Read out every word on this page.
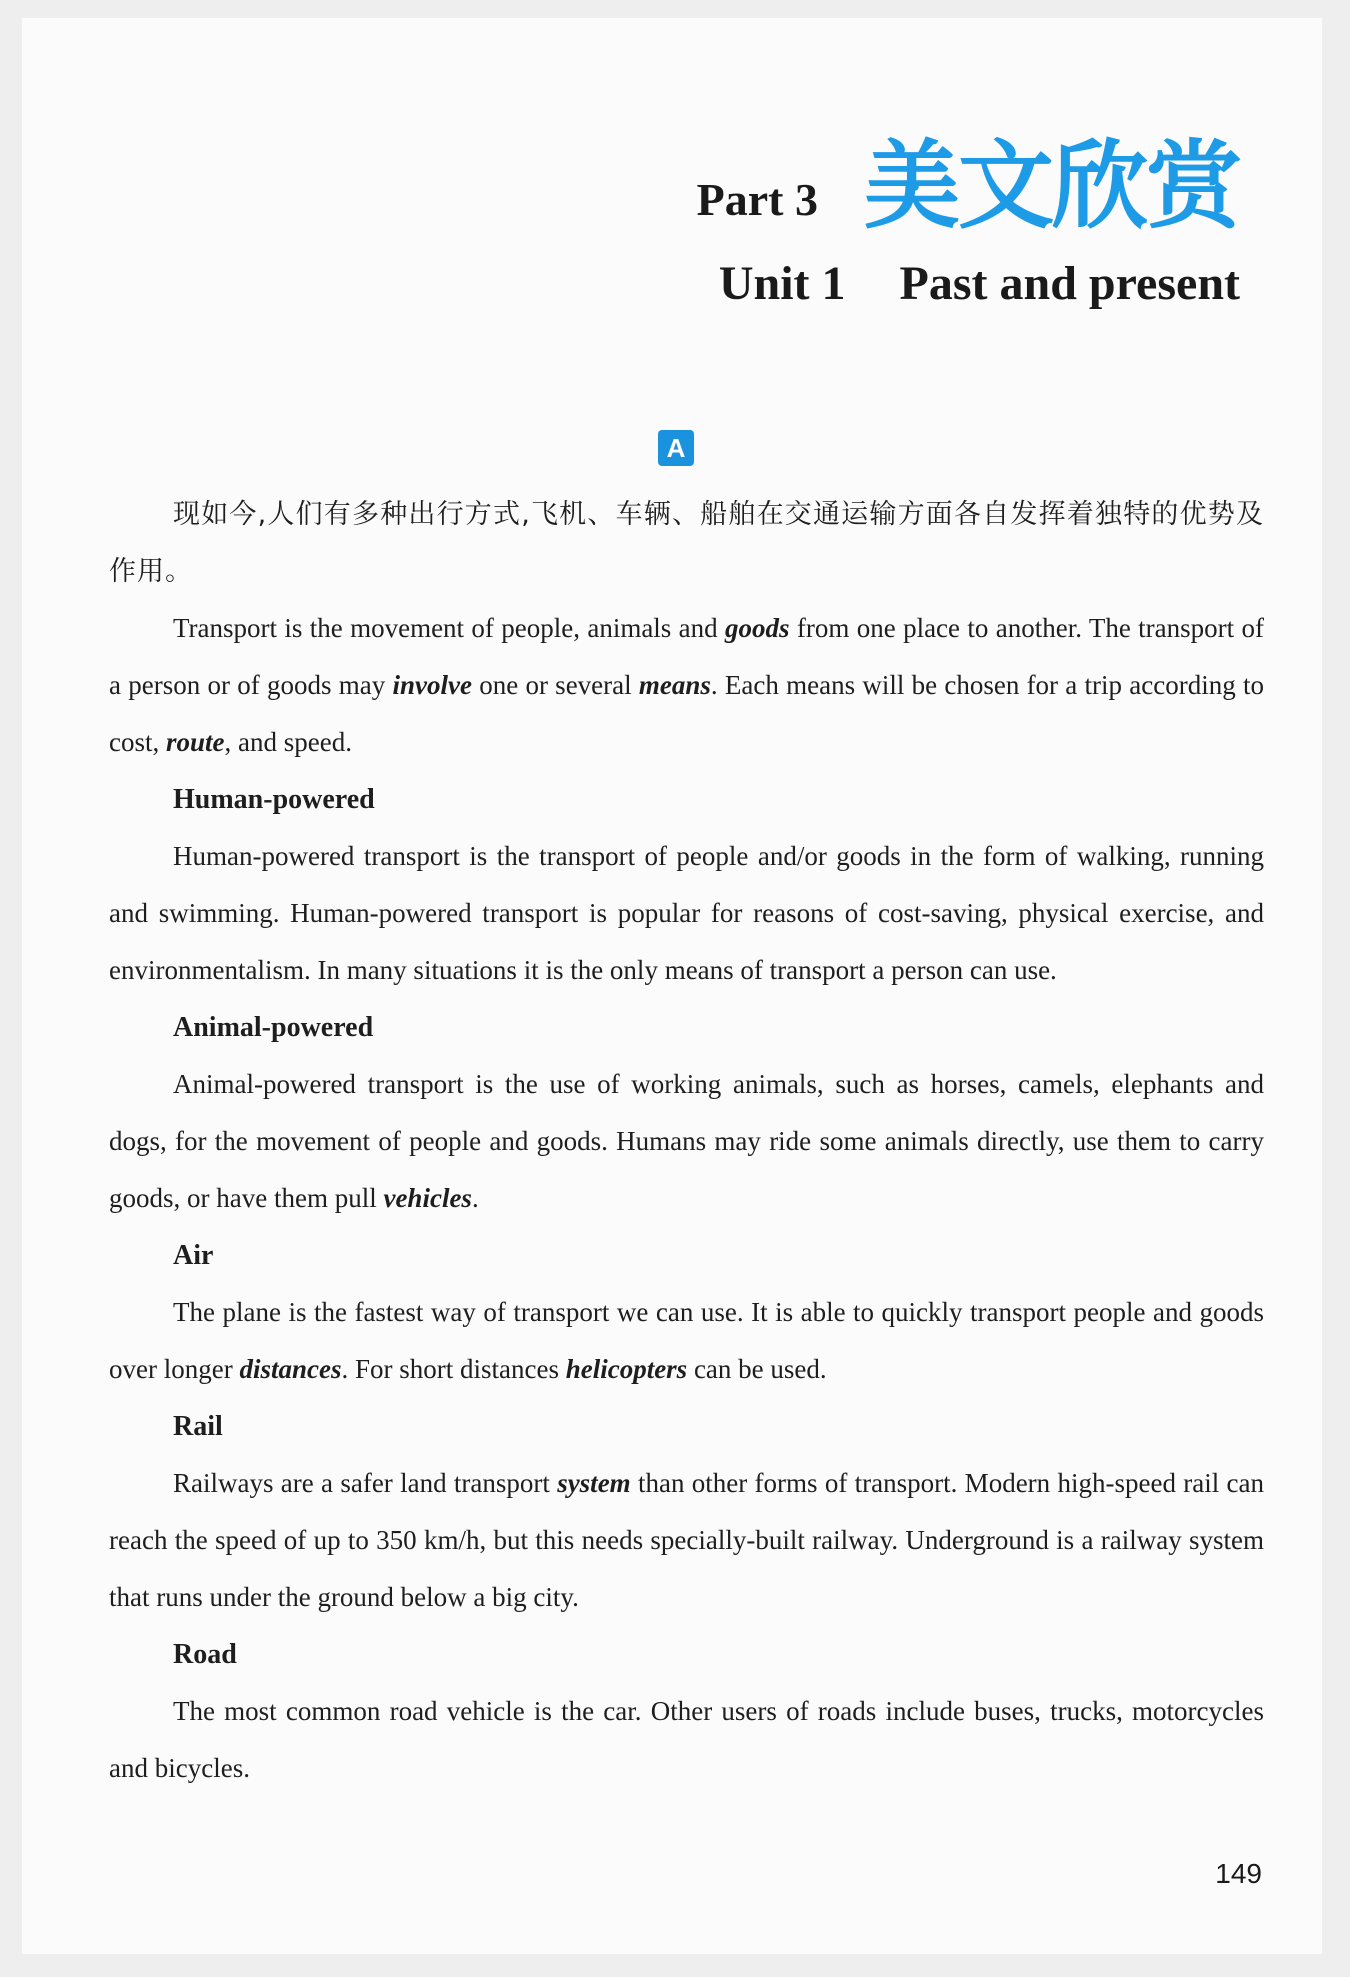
Part 3 美文欣赏
Unit 1 Past and present
A

现如今,人们有多种出行方式,飞机、车辆、船舶在交通运输方面各自发挥着独特的优势及作用。

Transport is the movement of people, animals and goods from one place to another. The transport of a person or of goods may involve one or several means. Each means will be chosen for a trip according to cost, route, and speed.

Human-powered

Human-powered transport is the transport of people and/or goods in the form of walking, running and swimming. Human-powered transport is popular for reasons of cost-saving, physical exercise, and environmentalism. In many situations it is the only means of transport a person can use.

Animal-powered

Animal-powered transport is the use of working animals, such as horses, camels, elephants and dogs, for the movement of people and goods. Humans may ride some animals directly, use them to carry goods, or have them pull vehicles.

Air

The plane is the fastest way of transport we can use. It is able to quickly transport people and goods over longer distances. For short distances helicopters can be used.

Rail

Railways are a safer land transport system than other forms of transport. Modern high-speed rail can reach the speed of up to 350 km/h, but this needs specially-built railway. Underground is a railway system that runs under the ground below a big city.

Road

The most common road vehicle is the car. Other users of roads include buses, trucks, motorcycles and bicycles.

149
